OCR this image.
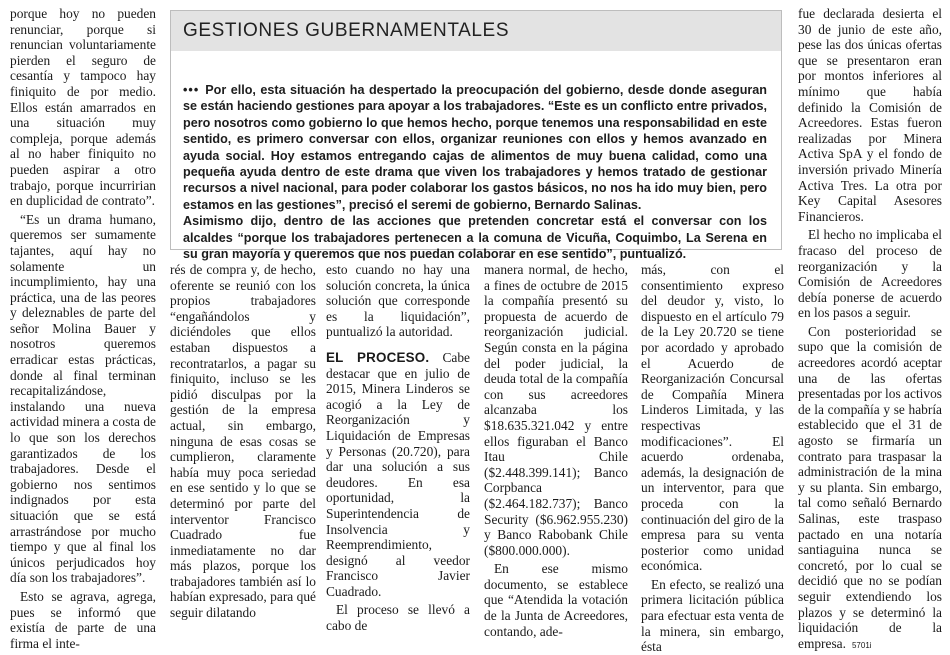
porque hoy no pueden renunciar, porque si renuncian voluntariamente pierden el seguro de cesantía y tampoco hay finiquito de por medio. Ellos están amarrados en una situación muy compleja, porque además al no haber finiquito no pueden aspirar a otro trabajo, porque incurririan en duplicidad de contrato”.

“Es un drama humano, queremos ser sumamente tajantes, aquí hay no solamente un incumplimiento, hay una práctica, una de las peores y deleznables de parte del señor Molina Bauer y nosotros queremos erradicar estas prácticas, donde al final terminan recapitalizándose, instalando una nueva actividad minera a costa de lo que son los derechos garantizados de los trabajadores. Desde el gobierno nos sentimos indignados por esta situación que se está arrastrándose por mucho tiempo y que al final los únicos perjudicados hoy día son los trabajadores”.

Esto se agrava, agrega, pues se informó que existía de parte de una firma el inte-

GESTIONES GUBERNAMENTALES

••• Por ello, esta situación ha despertado la preocupación del gobierno, desde donde aseguran se están haciendo gestiones para apoyar a los trabajadores. “Este es un conflicto entre privados, pero nosotros como gobierno lo que hemos hecho, porque tenemos una responsabilidad en este sentido, es primero conversar con ellos, organizar reuniones con ellos y hemos avanzado en ayuda social. Hoy estamos entregando cajas de alimentos de muy buena calidad, como una pequeña ayuda dentro de este drama que viven los trabajadores y hemos tratado de gestionar recursos a nivel nacional, para poder colaborar los gastos básicos, no nos ha ido muy bien, pero estamos en las gestiones”, precisó el seremi de gobierno, Bernardo Salinas.

Asimismo dijo, dentro de las acciones que pretenden concretar está el conversar con los alcaldes “porque los trabajadores pertenecen a la comuna de Vicuña, Coquimbo, La Serena en su gran mayoría y queremos que nos puedan colaborar en ese sentido”, puntualizó.

rés de compra y, de hecho, oferente se reunió con los propios trabajadores “engañándolos y diciéndoles que ellos estaban dispuestos a recontratarlos, a pagar su finiquito, incluso se les pidió disculpas por la gestión de la empresa actual, sin embargo, ninguna de esas cosas se cumplieron, claramente había muy poca seriedad en ese sentido y lo que se determinó por parte del interventor Francisco Cuadrado fue inmediatamente no dar más plazos, porque los trabajadores también así lo habían expresado, para qué seguir dilatando

esto cuando no hay una solución concreta, la única solución que corresponde es la liquidación”, puntualizó la autoridad.

EL PROCESO. Cabe destacar que en julio de 2015, Minera Linderos se acogió a la Ley de Reorganización y Liquidación de Empresas y Personas (20.720), para dar una solución a sus deudores. En esa oportunidad, la Superintendencia de Insolvencia y Reemprendimiento, designó al veedor Francisco Javier Cuadrado.

El proceso se llevó a cabo de

manera normal, de hecho, a fines de octubre de 2015 la compañía presentó su propuesta de acuerdo de reorganización judicial. Según consta en la página del poder judicial, la deuda total de la compañía con sus acreedores alcanzaba los $18.635.321.042 y entre ellos figuraban el Banco Itau Chile ($2.448.399.141); Banco Corpbanca ($2.464.182.737); Banco Security ($6.962.955.230) y Banco Rabobank Chile ($800.000.000).

En ese mismo documento, se establece que “Atendida la votación de la Junta de Acreedores, contando, ade-

más, con el consentimiento expreso del deudor y, visto, lo dispuesto en el artículo 79 de la Ley 20.720 se tiene por acordado y aprobado el Acuerdo de Reorganización Concursal de Compañía Minera Linderos Limitada, y las respectivas modificaciones”. El acuerdo ordenaba, además, la designación de un interventor, para que proceda con la continuación del giro de la empresa para su venta posterior como unidad económica.

En efecto, se realizó una primera licitación pública para efectuar esta venta de la minera, sin embargo, ésta

fue declarada desierta el 30 de junio de este año, pese las dos únicas ofertas que se presentaron eran por montos inferiores al mínimo que había definido la Comisión de Acreedores. Estas fueron realizadas por Minera Activa SpA y el fondo de inversión privado Minería Activa Tres. La otra por Key Capital Asesores Financieros.

El hecho no implicaba el fracaso del proceso de reorganización y la Comisión de Acreedores debía ponerse de acuerdo en los pasos a seguir.

Con posterioridad se supo que la comisión de acreedores acordó aceptar una de las ofertas presentadas por los activos de la compañía y se habría establecido que el 31 de agosto se firmaría un contrato para traspasar la administración de la mina y su planta. Sin embargo, tal como señaló Bernardo Salinas, este traspaso pactado en una notaría santiaguina nunca se concretó, por lo cual se decidió que no se podían seguir extendiendo los plazos y se determinó la liquidación de la empresa. 5701i
